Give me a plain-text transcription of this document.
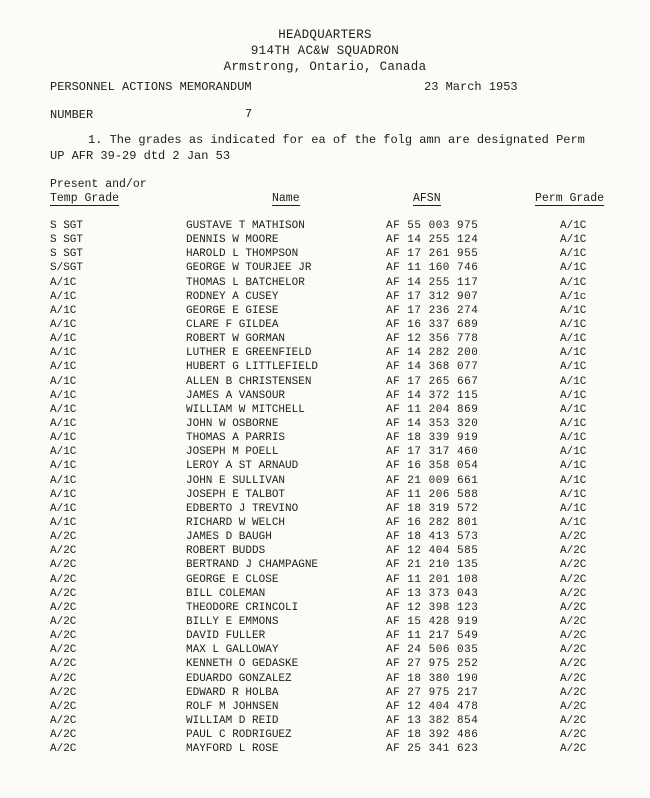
HEADQUARTERS
914TH AC&W SQUADRON
Armstrong, Ontario, Canada
PERSONNEL ACTIONS MEMORANDUM	23 March 1953
NUMBER	7
1. The grades as indicated for ea of the folg amn are designated Perm
UP AFR 39-29 dtd 2 Jan 53
Present and/or
Temp Grade	Name	AFSN	Perm Grade
S SGT	GUSTAVE T MATHISON	AF 55 003 975	A/1C
S SGT	DENNIS W MOORE	AF 14 255 124	A/1C
S SGT	HAROLD L THOMPSON	AF 17 261 955	A/1C
S/SGT	GEORGE W TOURJEE JR	AF 11 160 746	A/1C
A/1C	THOMAS L BATCHELOR	AF 14 255 117	A/1C
A/1C	RODNEY A CUSEY	AF 17 312 907	A/1c
A/1C	GEORGE E GIESE	AF 17 236 274	A/1C
A/1C	CLARE F GILDEA	AF 16 337 689	A/1C
A/1C	ROBERT W GORMAN	AF 12 356 778	A/1C
A/1C	LUTHER E GREENFIELD	AF 14 282 200	A/1C
A/1C	HUBERT G LITTLEFIELD	AF 14 368 077	A/1C
A/1C	ALLEN B CHRISTENSEN	AF 17 265 667	A/1C
A/1C	JAMES A VANSOUR	AF 14 372 115	A/1C
A/1C	WILLIAM W MITCHELL	AF 11 204 869	A/1C
A/1C	JOHN W OSBORNE	AF 14 353 320	A/1C
A/1C	THOMAS A PARRIS	AF 18 339 919	A/1C
A/1C	JOSEPH M POELL	AF 17 317 460	A/1C
A/1C	LEROY A ST ARNAUD	AF 16 358 054	A/1C
A/1C	JOHN E SULLIVAN	AF 21 009 661	A/1C
A/1C	JOSEPH E TALBOT	AF 11 206 588	A/1C
A/1C	EDBERTO J TREVINO	AF 18 319 572	A/1C
A/1C	RICHARD W WELCH	AF 16 282 801	A/1C
A/2C	JAMES D BAUGH	AF 18 413 573	A/2C
A/2C	ROBERT BUDDS	AF 12 404 585	A/2C
A/2C	BERTRAND J CHAMPAGNE	AF 21 210 135	A/2C
A/2C	GEORGE E CLOSE	AF 11 201 108	A/2C
A/2C	BILL COLEMAN	AF 13 373 043	A/2C
A/2C	THEODORE CRINCOLI	AF 12 398 123	A/2C
A/2C	BILLY E EMMONS	AF 15 428 919	A/2C
A/2C	DAVID FULLER	AF 11 217 549	A/2C
A/2C	MAX L GALLOWAY	AF 24 506 035	A/2C
A/2C	KENNETH O GEDASKE	AF 27 975 252	A/2C
A/2C	EDUARDO GONZALEZ	AF 18 380 190	A/2C
A/2C	EDWARD R HOLBA	AF 27 975 217	A/2C
A/2C	ROLF M JOHNSEN	AF 12 404 478	A/2C
A/2C	WILLIAM D REID	AF 13 382 854	A/2C
A/2C	PAUL C RODRIGUEZ	AF 18 392 486	A/2C
A/2C	MAYFORD L ROSE	AF 25 341 623	A/2C
